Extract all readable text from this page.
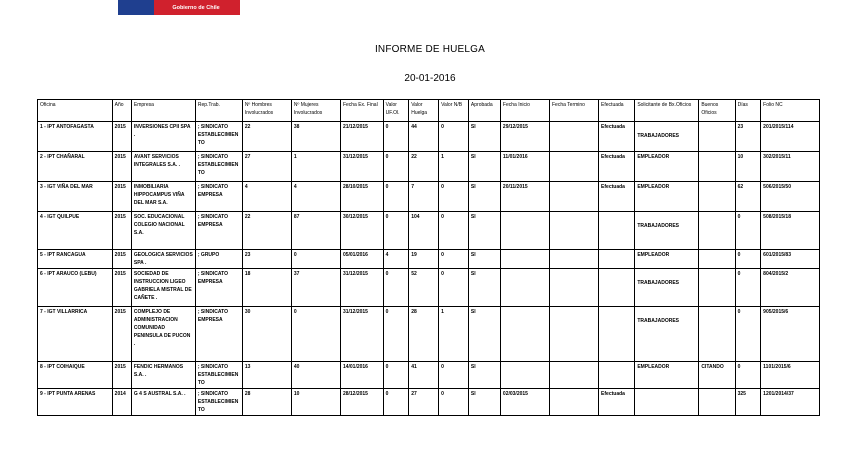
Gobierno de Chile
INFORME DE HUELGA
20-01-2016
Oficina	Año	Empresa	Rep.Trab.	Nº Hombres Involucrados	Nº Mujeres Involucrados	Fecha Ex. Final	Valor UF.Ol.	Valor Huelga	Valor N/B	Aprobada	Fecha Inicio	Fecha Termino	Efectuada	Solicitante de Bx.Oficios	Buenos Oficios	Días	Folio NC
1 - IPT ANTOFAGASTA	2015	INVERSIONES CPII SPA .	; SINDICATO ESTABLECIMIENTO	22	38	21/12/2015	0	44	0	SI	29/12/2015		Efectuada	TRABAJADORES		23	201/2015/114
2 - IPT CHAÑARAL	2015	AVANT SERVICIOS INTEGRALES S.A. .	; SINDICATO ESTABLECIMIENTO	27	1	31/12/2015	0	22	1	SI	11/01/2016		Efectuada	EMPLEADOR		10	302/2015/11
3 - IGT VIÑA DEL MAR	2015	INMOBILIARIA HIPPOCAMPUS VIÑA DEL MAR S.A.	; SINDICATO EMPRESA	4	4	28/10/2015	0	7	0	SI	20/11/2015		Efectuada	EMPLEADOR		62	506/2015/50
4 - IGT QUILPUE	2015	SOC. EDUCACIONAL COLEGIO NACIONAL S.A.	; SINDICATO EMPRESA	22	87	30/12/2015	0	104	0	SI				TRABAJADORES		0	508/2015/18
5 - IPT RANCAGUA	2015	GEOLOGICA SERVICIOS SPA .	; GRUPO	23	0	05/01/2016	4	19	0	SI				EMPLEADOR		0	601/2015/83
6 - IPT ARAUCO (LEBU)	2015	SOCIEDAD DE INSTRUCCION LIGEO GABRIELA MISTRAL DE CAÑETE .	; SINDICATO EMPRESA	18	37	31/12/2015	0	52	0	SI				TRABAJADORES		0	804/2015/2
7 - IGT VILLARRICA	2015	COMPLEJO DE ADMINISTRACION COMUNIDAD PENINSULA DE PUCON .	; SINDICATO EMPRESA	30	0	31/12/2015	0	28	1	SI				TRABAJADORES		0	905/2015/6
8 - IPT COIHAIQUE	2015	FENDIC HERMANOS S.A. .	; SINDICATO ESTABLECIMIENTO	13	40	14/01/2016	0	41	0	SI				EMPLEADOR	CITANDO	0	1101/2015/6
9 - IPT PUNTA ARENAS	2014	G 4 S AUSTRAL S.A. .	; SINDICATO ESTABLECIMIENTO	28	10	28/12/2015	0	27	0	SI	02/03/2015		Efectuada			325	1201/2014/37
